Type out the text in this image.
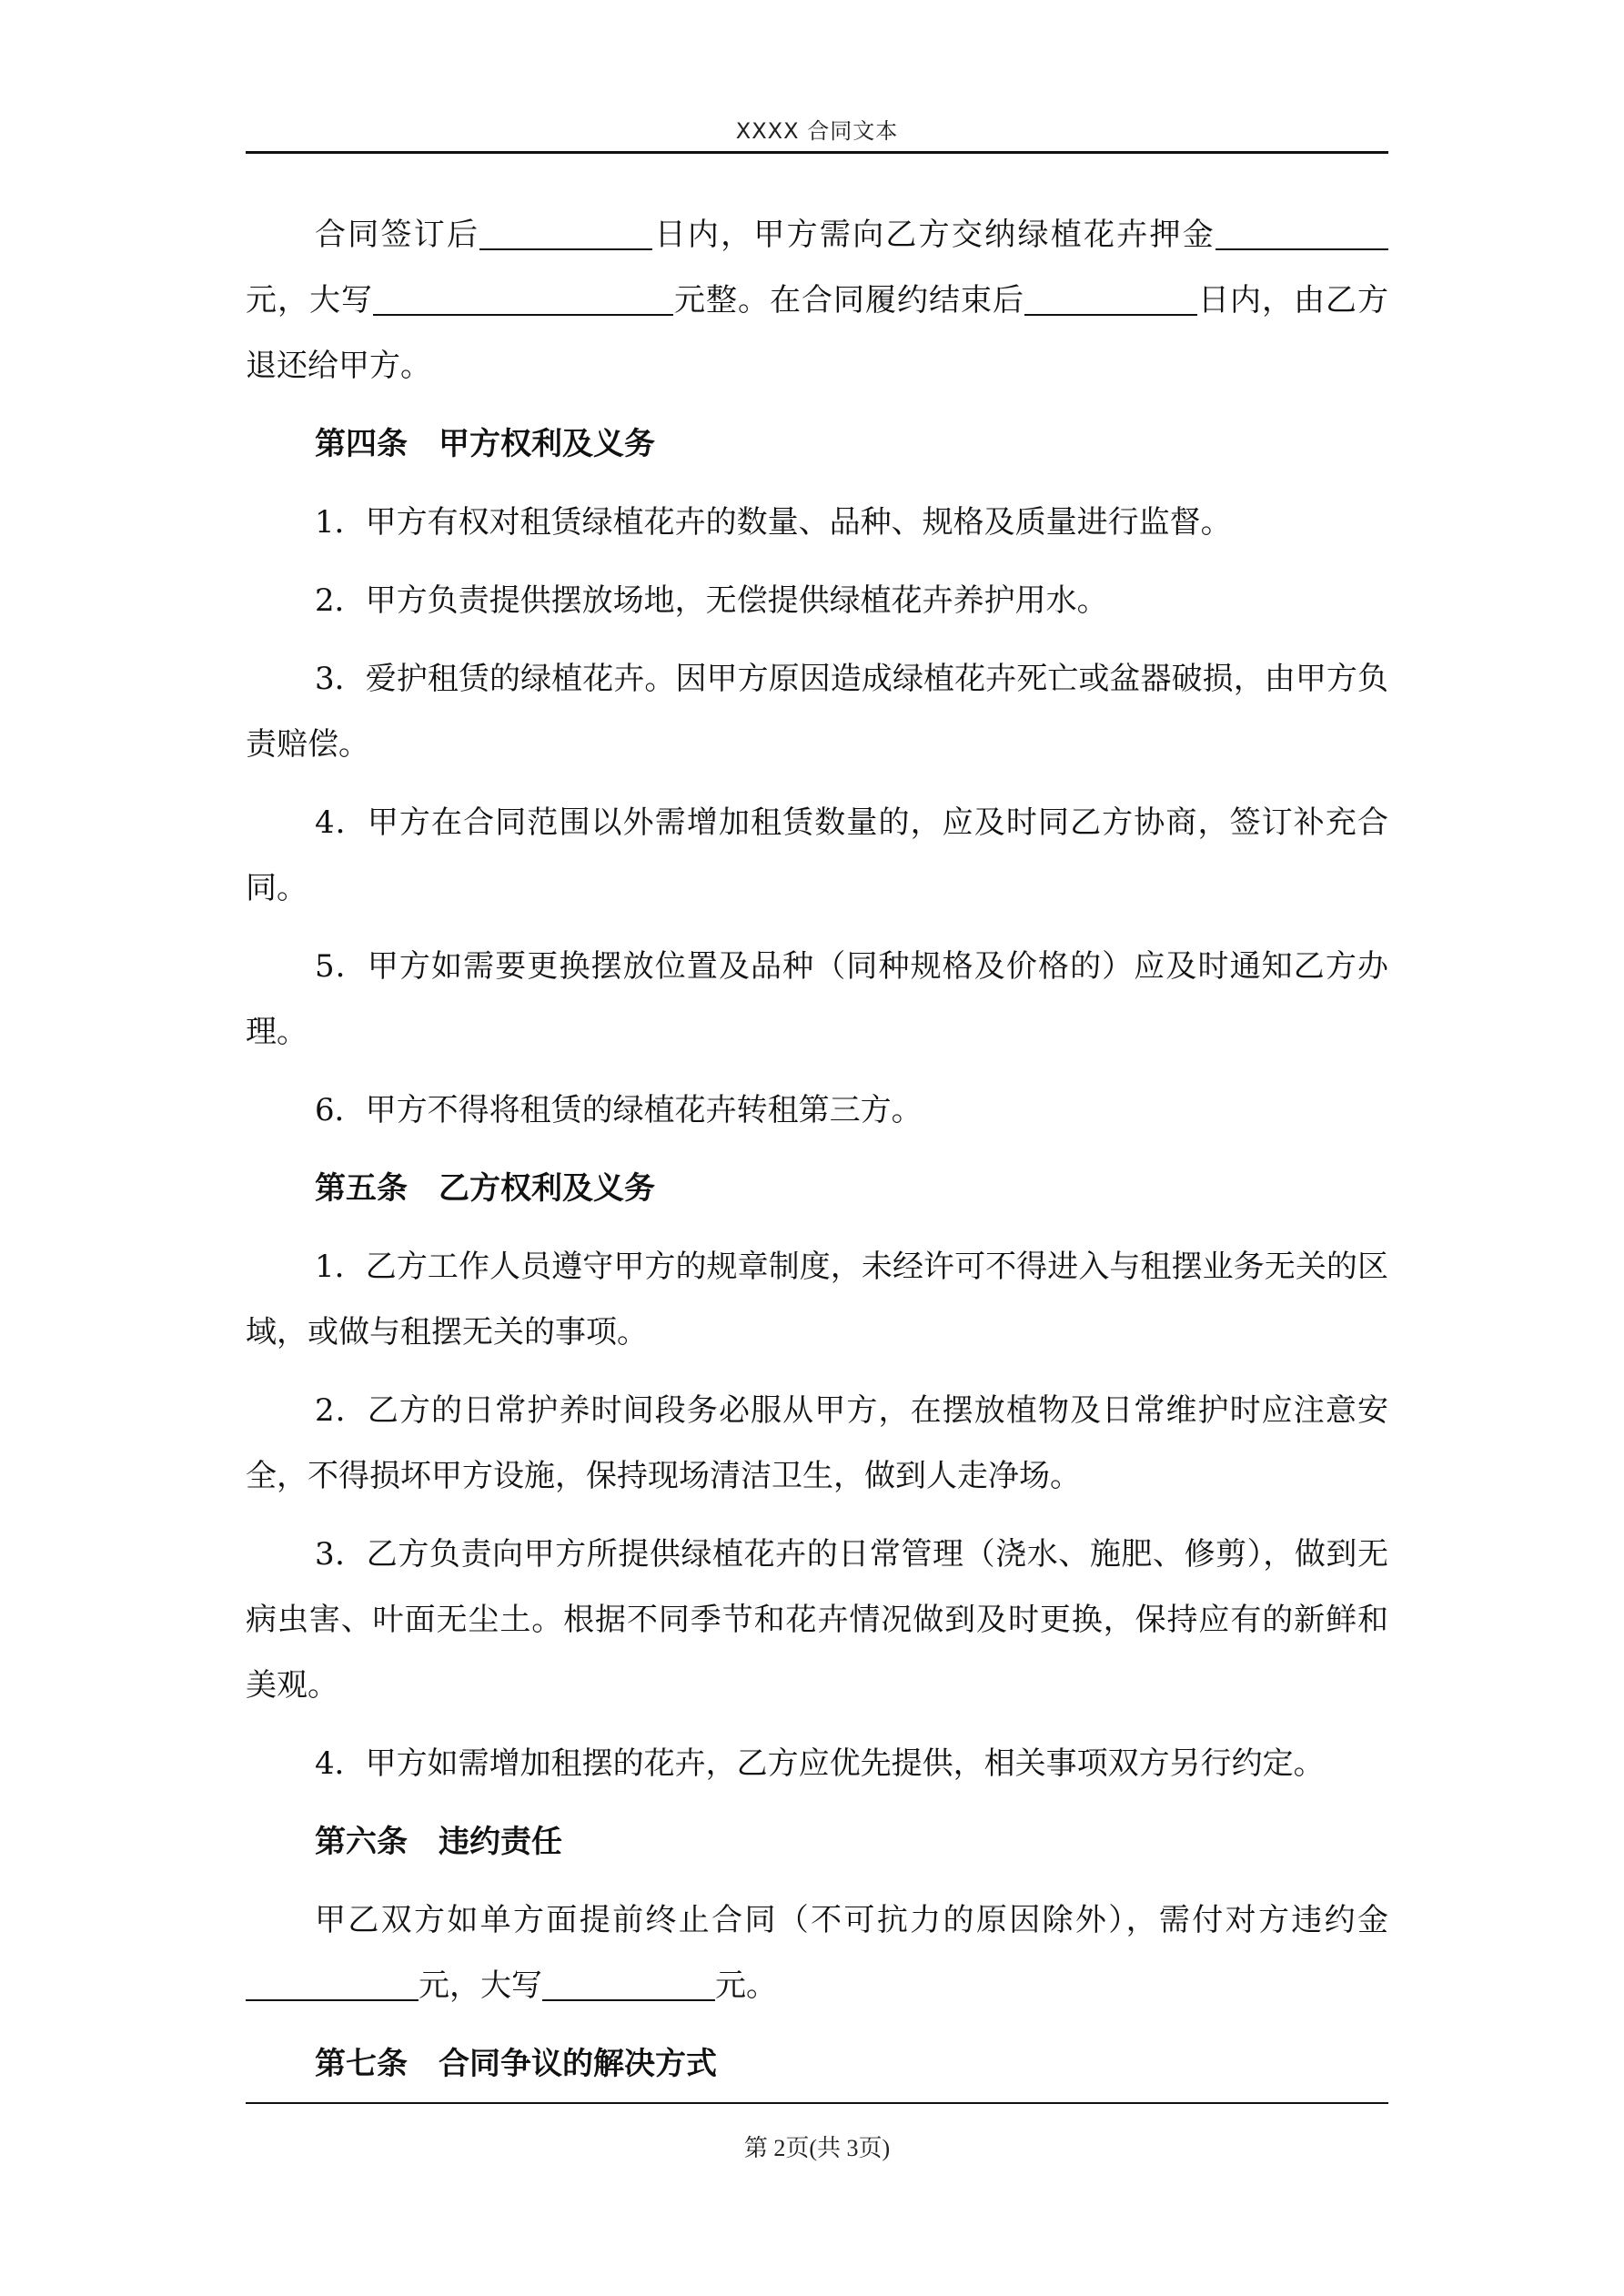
XXXX 合同文本

合同签订后	日内，甲方需向乙方交纳绿植花卉押金元，大写	元整。在合同履约结束后	日内，由乙方退还给甲方。

第四条　甲方权利及义务

1．甲方有权对租赁绿植花卉的数量、品种、规格及质量进行监督。

2．甲方负责提供摆放场地，无偿提供绿植花卉养护用水。

3．爱护租赁的绿植花卉。因甲方原因造成绿植花卉死亡或盆器破损，由甲方负责赔偿。

4．甲方在合同范围以外需增加租赁数量的，应及时同乙方协商，签订补充合同。

5．甲方如需要更换摆放位置及品种（同种规格及价格的）应及时通知乙方办理。

6．甲方不得将租赁的绿植花卉转租第三方。

第五条　乙方权利及义务

1．乙方工作人员遵守甲方的规章制度，未经许可不得进入与租摆业务无关的区域，或做与租摆无关的事项。

2．乙方的日常护养时间段务必服从甲方，在摆放植物及日常维护时应注意安全，不得损坏甲方设施，保持现场清洁卫生，做到人走净场。

3．乙方负责向甲方所提供绿植花卉的日常管理（浇水、施肥、修剪），做到无病虫害、叶面无尘土。根据不同季节和花卉情况做到及时更换，保持应有的新鲜和美观。

4．甲方如需增加租摆的花卉，乙方应优先提供，相关事项双方另行约定。

第六条　违约责任

甲乙双方如单方面提前终止合同（不可抗力的原因除外），需付对方违约金元，大写	元。

第七条　合同争议的解决方式

第 2页(共 3页)
